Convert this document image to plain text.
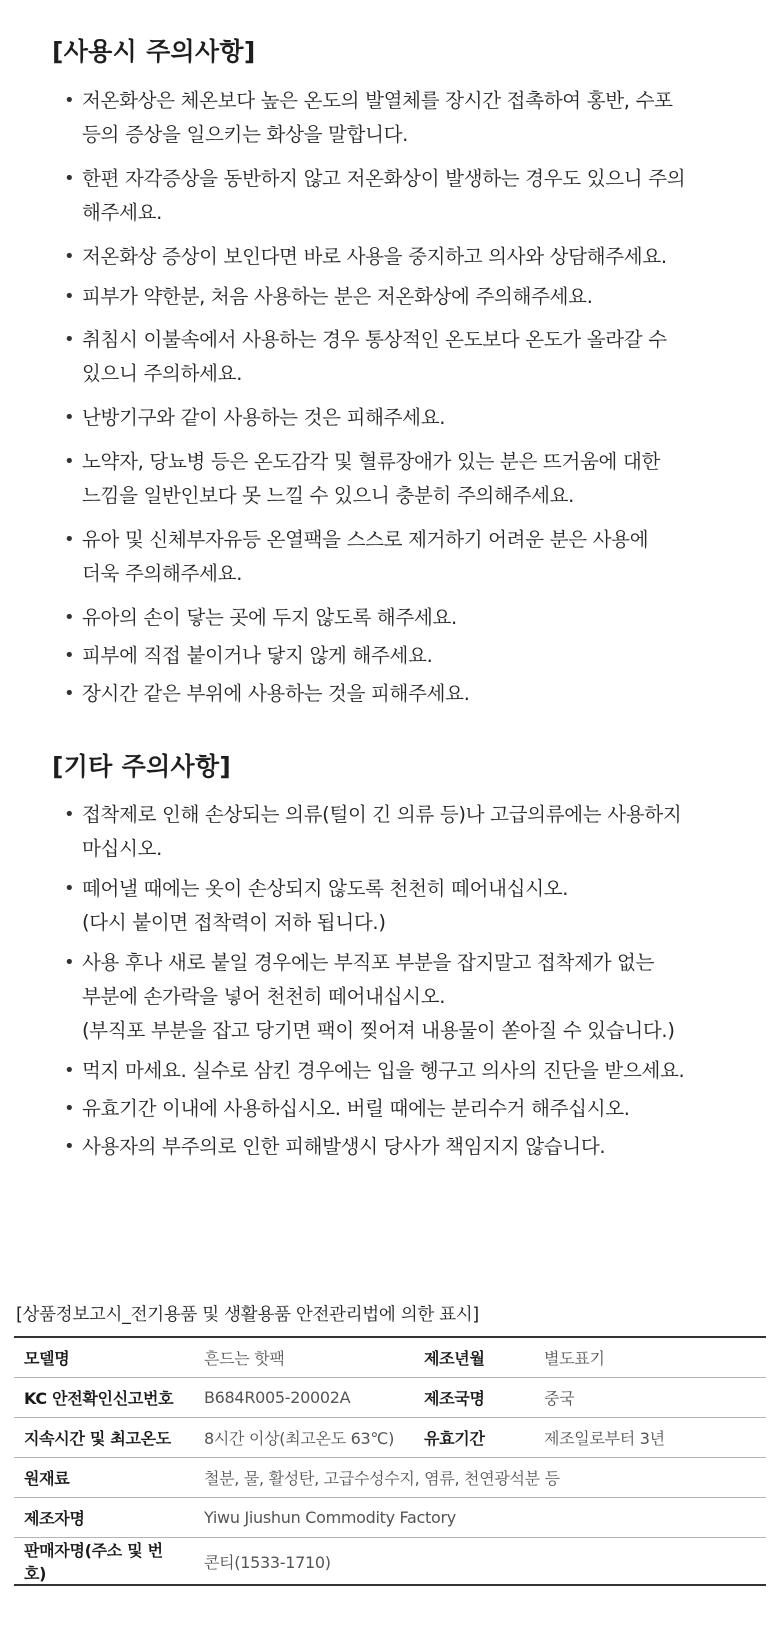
[사용시 주의사항]
• 저온화상은 체온보다 높은 온도의 발열체를 장시간 접촉하여 홍반, 수포
등의 증상을 일으키는 화상을 말합니다.
• 한편 자각증상을 동반하지 않고 저온화상이 발생하는 경우도 있으니 주의
해주세요.
• 저온화상 증상이 보인다면 바로 사용을 중지하고 의사와 상담해주세요.
• 피부가 약한분, 처음 사용하는 분은 저온화상에 주의해주세요.
• 취침시 이불속에서 사용하는 경우 통상적인 온도보다 온도가 올라갈 수
있으니 주의하세요.
• 난방기구와 같이 사용하는 것은 피해주세요.
• 노약자, 당뇨병 등은 온도감각 및 혈류장애가 있는 분은 뜨거움에 대한
느낌을 일반인보다 못 느낄 수 있으니 충분히 주의해주세요.
• 유아 및 신체부자유등 온열팩을 스스로 제거하기 어려운 분은 사용에
더욱 주의해주세요.
• 유아의 손이 닿는 곳에 두지 않도록 해주세요.
• 피부에 직접 붙이거나 닿지 않게 해주세요.
• 장시간 같은 부위에 사용하는 것을 피해주세요.
[기타 주의사항]
• 접착제로 인해 손상되는 의류(털이 긴 의류 등)나 고급의류에는 사용하지
마십시오.
• 떼어낼 때에는 옷이 손상되지 않도록 천천히 떼어내십시오.
(다시 붙이면 접착력이 저하 됩니다.)
• 사용 후나 새로 붙일 경우에는 부직포 부분을 잡지말고 접착제가 없는
부분에 손가락을 넣어 천천히 떼어내십시오.
(부직포 부분을 잡고 당기면 팩이 찢어져 내용물이 쏟아질 수 있습니다.)
• 먹지 마세요. 실수로 삼킨 경우에는 입을 헹구고 의사의 진단을 받으세요.
• 유효기간 이내에 사용하십시오. 버릴 때에는 분리수거 해주십시오.
• 사용자의 부주의로 인한 피해발생시 당사가 책임지지 않습니다.
[상품정보고시_전기용품 및 생활용품 안전관리법에 의한 표시]
모델명	흔드는 핫팩	제조년월	별도표기
KC 안전확인신고번호	B684R005-20002A	제조국명	중국
지속시간 및 최고온도	8시간 이상(최고온도 63℃)	유효기간	제조일로부터 3년
원재료	철분, 물, 활성탄, 고급수성수지, 염류, 천연광석분 등		
제조자명	Yiwu Jiushun Commodity Factory		
판매자명(주소 및 번호)	콘티(1533-1710)		
